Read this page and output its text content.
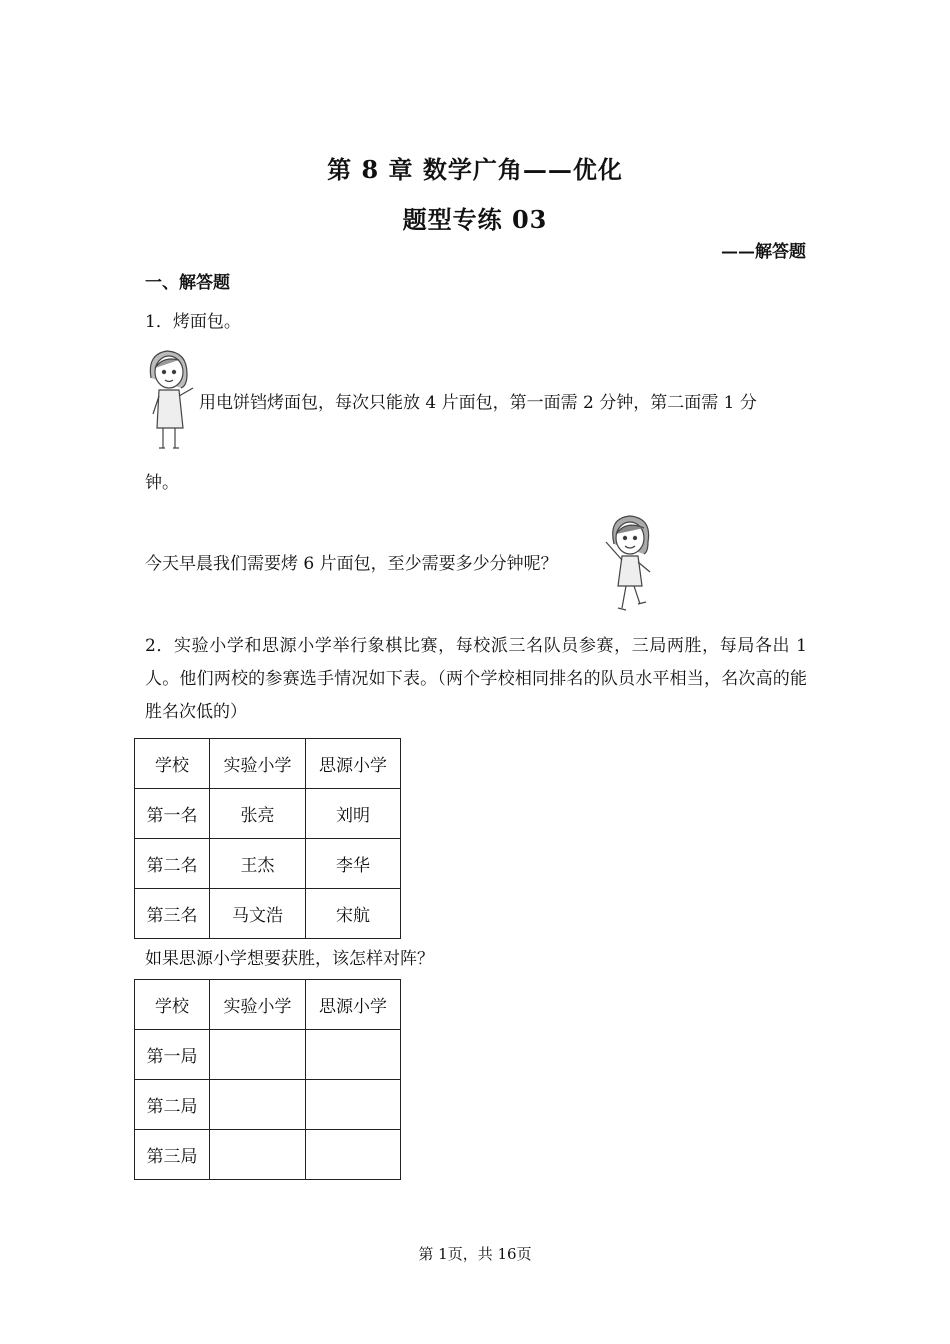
第 8 章 数学广角——优化
题型专练 03
——解答题
一、解答题
1．烤面包。
用电饼铛烤面包，每次只能放 4 片面包，第一面需 2 分钟，第二面需 1 分
钟。
今天早晨我们需要烤 6 片面包，至少需要多少分钟呢？
2．实验小学和思源小学举行象棋比赛，每校派三名队员参赛，三局两胜，每局各出 1 人。他们两校的参赛选手情况如下表。（两个学校相同排名的队员水平相当，名次高的能胜名次低的）
学校	实验小学	思源小学
第一名	张亮	刘明
第二名	王杰	李华
第三名	马文浩	宋航
如果思源小学想要获胜，该怎样对阵？
学校	实验小学	思源小学
第一局		
第二局		
第三局		
第 1页，共 16页
